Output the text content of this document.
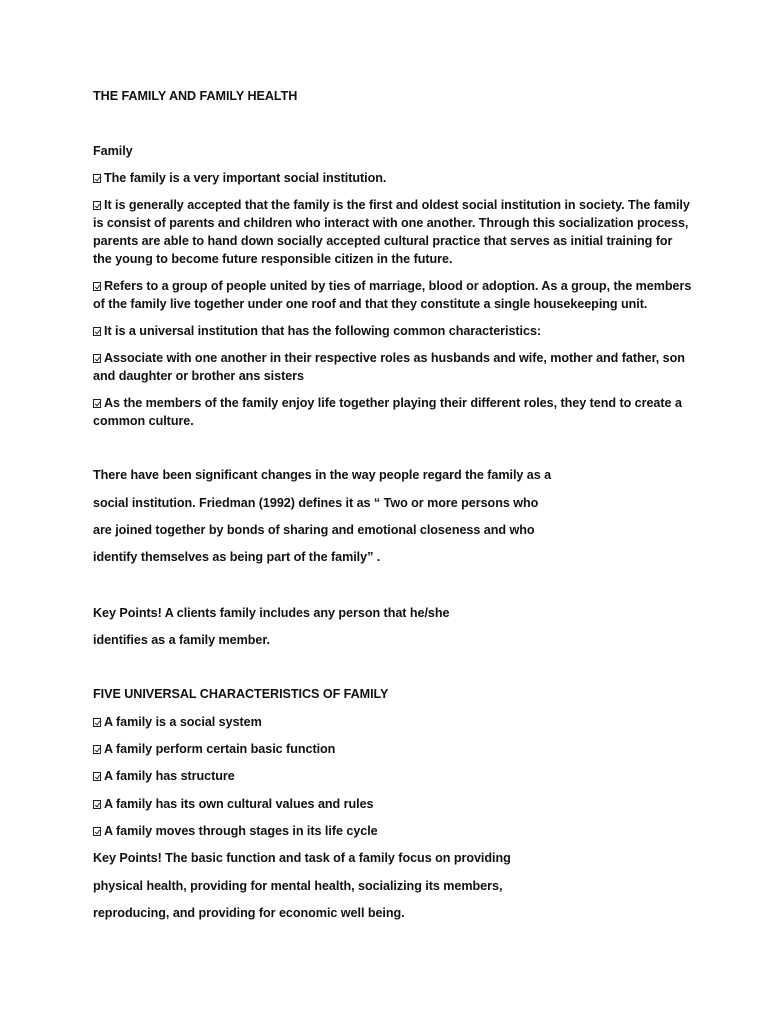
THE FAMILY AND FAMILY HEALTH
Family
The family is a very important social institution.
It is generally accepted that the family is the first and oldest social institution in society. The family
is consist of parents and children who interact with one another. Through this socialization process,
parents are able to hand down socially accepted cultural practice that serves as initial training for
the young to become future responsible citizen in the future.
Refers to a group of people united by ties of marriage, blood or adoption. As a group, the members
of the family live together under one roof and that they constitute a single housekeeping unit.
It is a universal institution that has the following common characteristics:
Associate with one another in their respective roles as husbands and wife, mother and father, son
and daughter or brother ans sisters
As the members of the family enjoy life together playing their different roles, they tend to create a
common culture.
There have been significant changes in the way people regard the family as a
social institution. Friedman (1992) defines it as “ Two or more persons who
are joined together by bonds of sharing and emotional closeness and who
identify themselves as being part of the family” .
Key Points! A clients family includes any person that he/she
identifies as a family member.
FIVE UNIVERSAL CHARACTERISTICS OF FAMILY
A family is a social system
A family perform certain basic function
A family has structure
A family has its own cultural values and rules
A family moves through stages in its life cycle
Key Points! The basic function and task of a family focus on providing
physical health, providing for mental health, socializing its members,
reproducing, and providing for economic well being.
